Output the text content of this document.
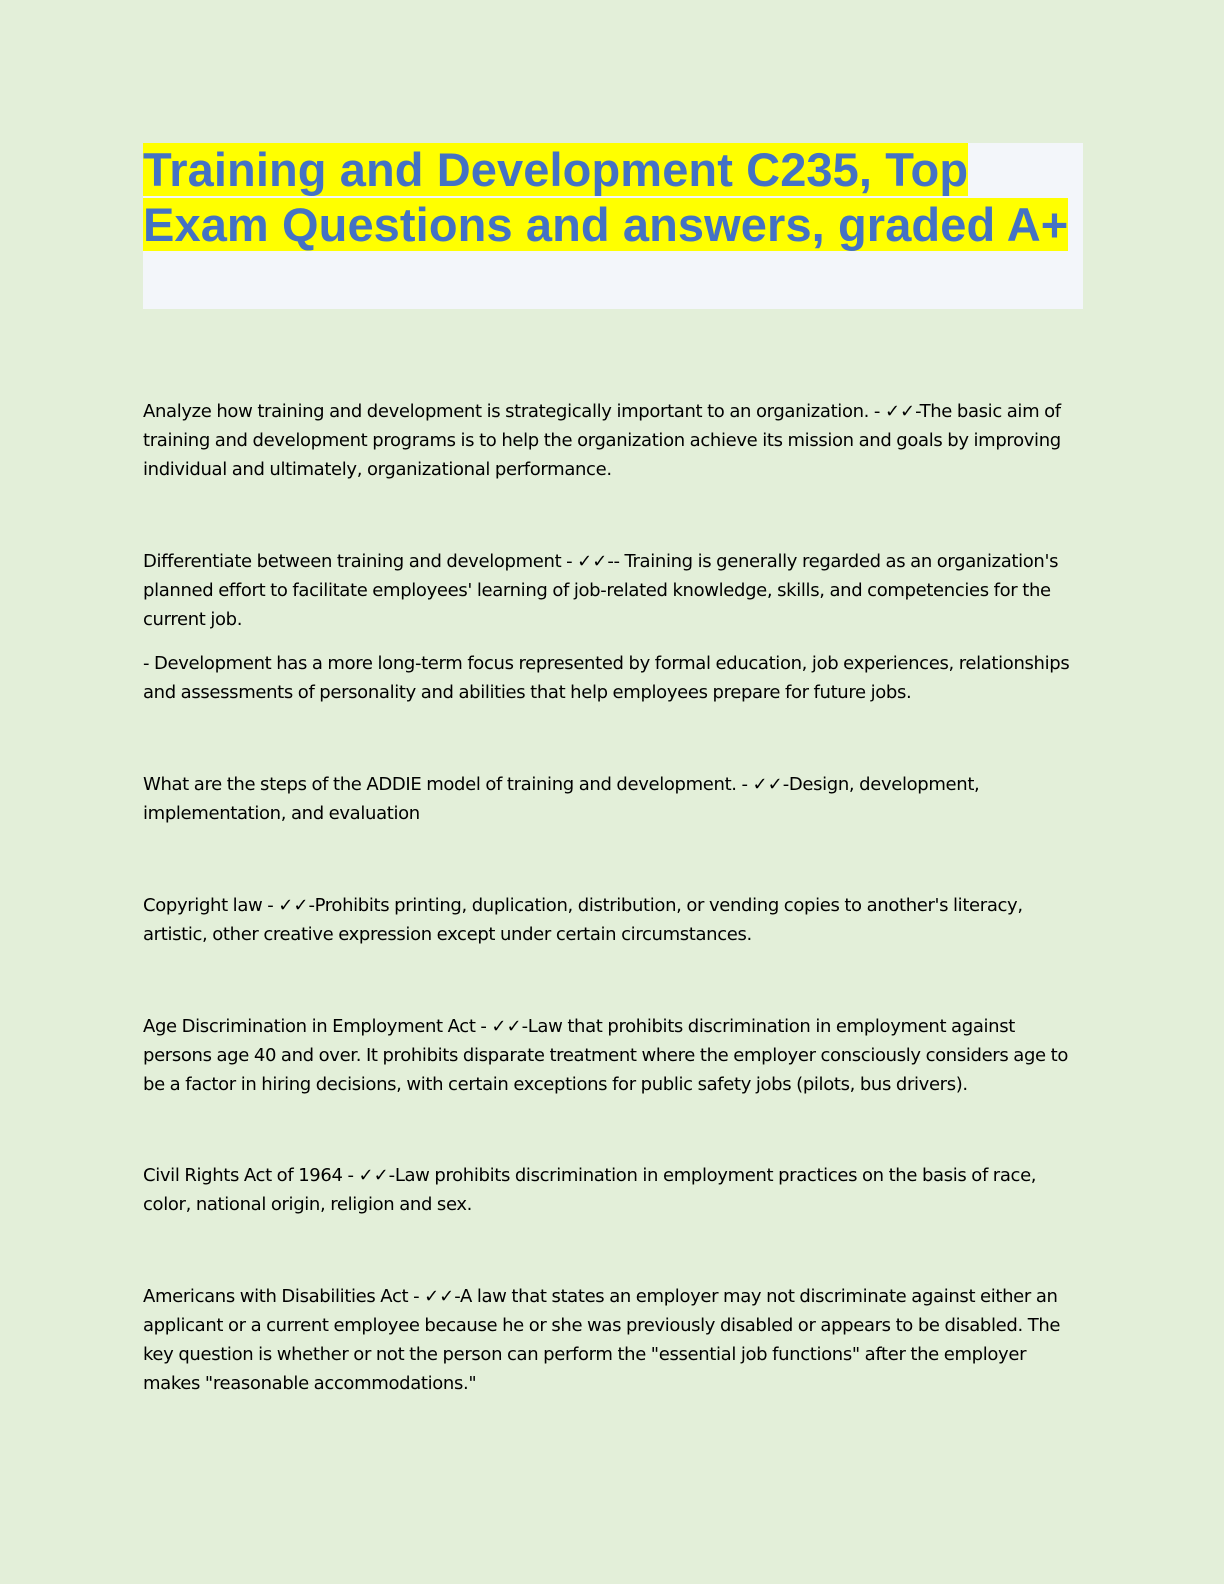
Training and Development C235, Top Exam Questions and answers, graded A+

Analyze how training and development is strategically important to an organization. - ✓✓-The basic aim of training and development programs is to help the organization achieve its mission and goals by improving individual and ultimately, organizational performance.

Differentiate between training and development - ✓✓-- Training is generally regarded as an organization's planned effort to facilitate employees' learning of job-related knowledge, skills, and competencies for the current job.

- Development has a more long-term focus represented by formal education, job experiences, relationships and assessments of personality and abilities that help employees prepare for future jobs.

What are the steps of the ADDIE model of training and development. - ✓✓-Design, development, implementation, and evaluation

Copyright law - ✓✓-Prohibits printing, duplication, distribution, or vending copies to another's literacy, artistic, other creative expression except under certain circumstances.

Age Discrimination in Employment Act - ✓✓-Law that prohibits discrimination in employment against persons age 40 and over. It prohibits disparate treatment where the employer consciously considers age to be a factor in hiring decisions, with certain exceptions for public safety jobs (pilots, bus drivers).

Civil Rights Act of 1964 - ✓✓-Law prohibits discrimination in employment practices on the basis of race, color, national origin, religion and sex.

Americans with Disabilities Act - ✓✓-A law that states an employer may not discriminate against either an applicant or a current employee because he or she was previously disabled or appears to be disabled. The key question is whether or not the person can perform the "essential job functions" after the employer makes "reasonable accommodations."
